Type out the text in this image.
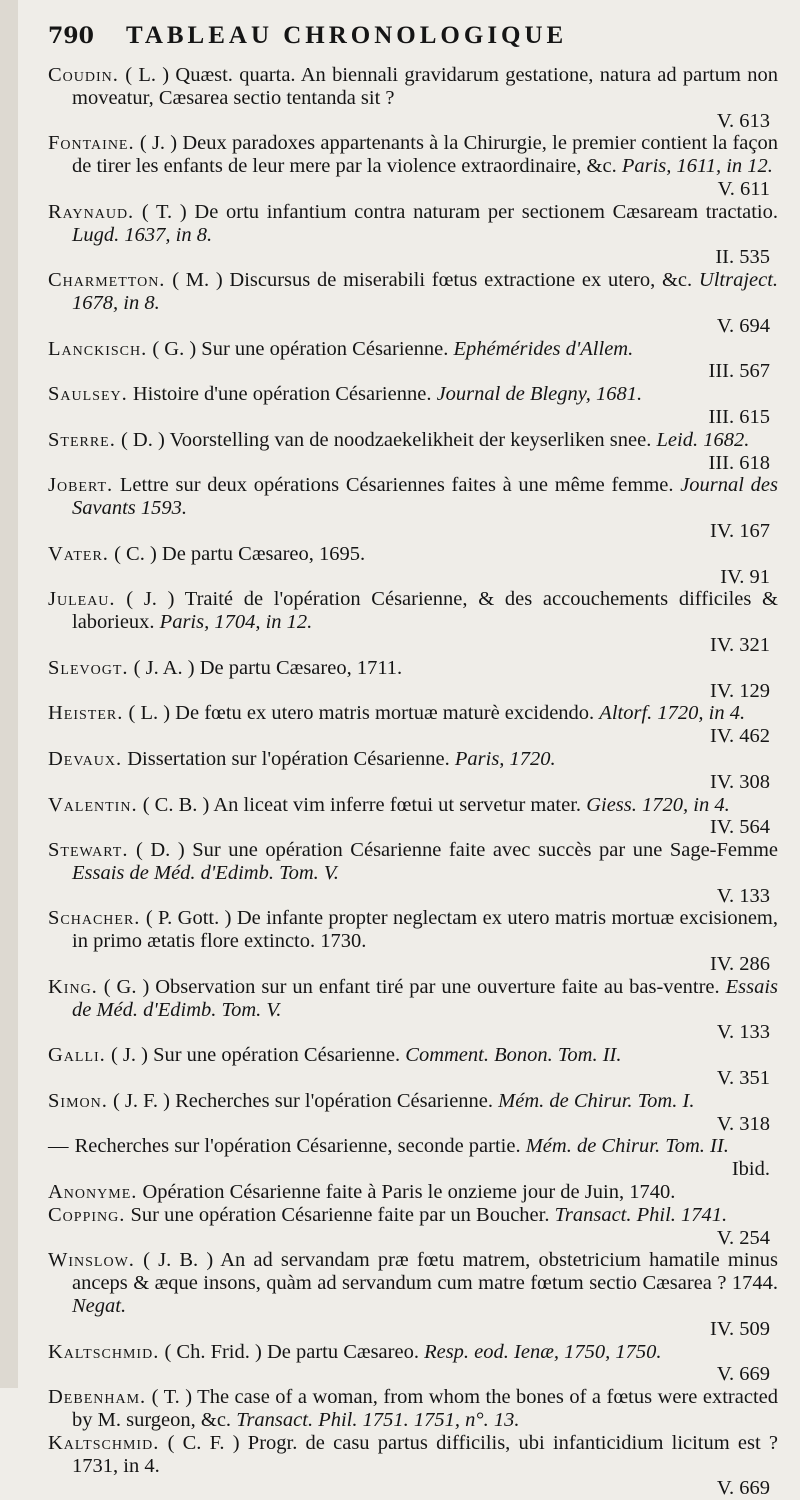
790	TABLEAU CHRONOLOGIQUE
Coudin. ( L. ) Quæst. quarta. An biennali gravidarum gestatione, natura ad partum non moveatur, Cæsarea sectio tentanda sit ?
V. 613
Fontaine. ( J. ) Deux paradoxes appartenants à la Chirurgie, le premier contient la façon de tirer les enfants de leur mere par la violence extraordinaire, &c. Paris, 1611, in 12.
V. 611
Raynaud. ( T. ) De ortu infantium contra naturam per sectionem Cæsaream tractatio. Lugd. 1637, in 8.
II. 535
Charmetton. ( M. ) Discursus de miserabili fœtus extractione ex utero, &c. Ultraject. 1678, in 8.
V. 694
Lanckisch. ( G. ) Sur une opération Césarienne. Ephémérides d'Allem.
III. 567
Saulsey. Histoire d'une opération Césarienne. Journal de Blegny, 1681.
III. 615
Sterre. ( D. ) Voorstelling van de noodzaekelikheit der keyserliken snee. Leid. 1682.
III. 618
Jobert. Lettre sur deux opérations Césariennes faites à une même femme. Journal des Savants 1593.
IV. 167
Vater. ( C. ) De partu Cæsareo, 1695.
IV. 91
Juleau. ( J. ) Traité de l'opération Césarienne, & des accouchements difficiles & laborieux. Paris, 1704, in 12.
IV. 321
Slevogt. ( J. A. ) De partu Cæsareo, 1711.
IV. 129
Heister. ( L. ) De fœtu ex utero matris mortuæ maturè excidendo. Altorf. 1720, in 4.
IV. 462
Devaux. Dissertation sur l'opération Césarienne. Paris, 1720.
IV. 308
Valentin. ( C. B. ) An liceat vim inferre fœtui ut servetur mater. Giess. 1720, in 4.
IV. 564
Stewart. ( D. ) Sur une opération Césarienne faite avec succès par une Sage-Femme Essais de Méd. d'Edimb. Tom. V.
V. 133
Schacher. ( P. Gott. ) De infante propter neglectam ex utero matris mortuæ excisionem, in primo ætatis flore extincto. 1730.
IV. 286
King. ( G. ) Observation sur un enfant tiré par une ouverture faite au bas-ventre. Essais de Méd. d'Edimb. Tom. V.
V. 133
Galli. ( J. ) Sur une opération Césarienne. Comment. Bonon. Tom. II.
V. 351
Simon. ( J. F. ) Recherches sur l'opération Césarienne. Mém. de Chirur. Tom. I.
V. 318
— Recherches sur l'opération Césarienne, seconde partie. Mém. de Chirur. Tom. II.
Ibid.
Anonyme. Opération Césarienne faite à Paris le onzieme jour de Juin, 1740.
Copping. Sur une opération Césarienne faite par un Boucher. Transact. Phil. 1741.
V. 254
Winslow. ( J. B. ) An ad servandam præ fœtu matrem, obstetricium hamatile minus anceps & æque insons, quàm ad servandum cum matre fœtum sectio Cæsarea ? 1744. Negat.
IV. 509
Kaltschmid. ( Ch. Frid. ) De partu Cæsareo. Resp. eod. Ienæ, 1750, 1750.
V. 669
Debenham. ( T. ) The case of a woman, from whom the bones of a fœtus were extracted by M. surgeon, &c. Transact. Phil. 1751. 1751, n°. 13.
Kaltschmid. ( C. F. ) Progr. de casu partus difficilis, ubi infanticidium licitum est ? 1731, in 4.
V. 669
